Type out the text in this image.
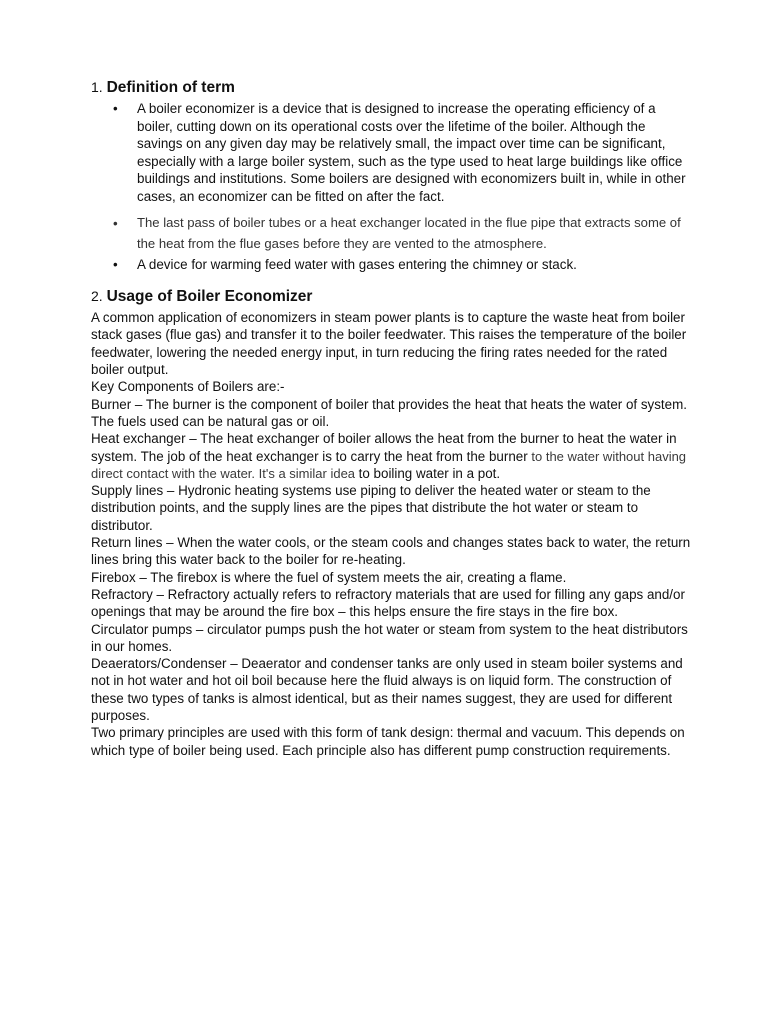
1. Definition of term
• A boiler economizer is a device that is designed to increase the operating efficiency of a boiler, cutting down on its operational costs over the lifetime of the boiler. Although the savings on any given day may be relatively small, the impact over time can be significant, especially with a large boiler system, such as the type used to heat large buildings like office buildings and institutions. Some boilers are designed with economizers built in, while in other cases, an economizer can be fitted on after the fact.
• The last pass of boiler tubes or a heat exchanger located in the flue pipe that extracts some of the heat from the flue gases before they are vented to the atmosphere.
• A device for warming feed water with gases entering the chimney or stack.
2. Usage of Boiler Economizer

A common application of economizers in steam power plants is to capture the waste heat from boiler stack gases (flue gas) and transfer it to the boiler feedwater. This raises the temperature of the boiler feedwater, lowering the needed energy input, in turn reducing the firing rates needed for the rated boiler output.

Key Components of Boilers are:-

Burner – The burner is the component of boiler that provides the heat that heats the water of system. The fuels used can be natural gas or oil.

Heat exchanger – The heat exchanger of boiler allows the heat from the burner to heat the water in system. The job of the heat exchanger is to carry the heat from the burner to the water without having direct contact with the water. It's a similar idea to boiling water in a pot.

Supply lines – Hydronic heating systems use piping to deliver the heated water or steam to the distribution points, and the supply lines are the pipes that distribute the hot water or steam to distributor.

Return lines – When the water cools, or the steam cools and changes states back to water, the return lines bring this water back to the boiler for re-heating.

Firebox – The firebox is where the fuel of system meets the air, creating a flame.

Refractory – Refractory actually refers to refractory materials that are used for filling any gaps and/or openings that may be around the fire box – this helps ensure the fire stays in the fire box.

Circulator pumps – circulator pumps push the hot water or steam from system to the heat distributors in our homes.

Deaerators/Condenser – Deaerator and condenser tanks are only used in steam boiler systems and not in hot water and hot oil boil because here the fluid always is on liquid form. The construction of these two types of tanks is almost identical, but as their names suggest, they are used for different purposes.

Two primary principles are used with this form of tank design: thermal and vacuum. This depends on which type of boiler being used. Each principle also has different pump construction requirements.
